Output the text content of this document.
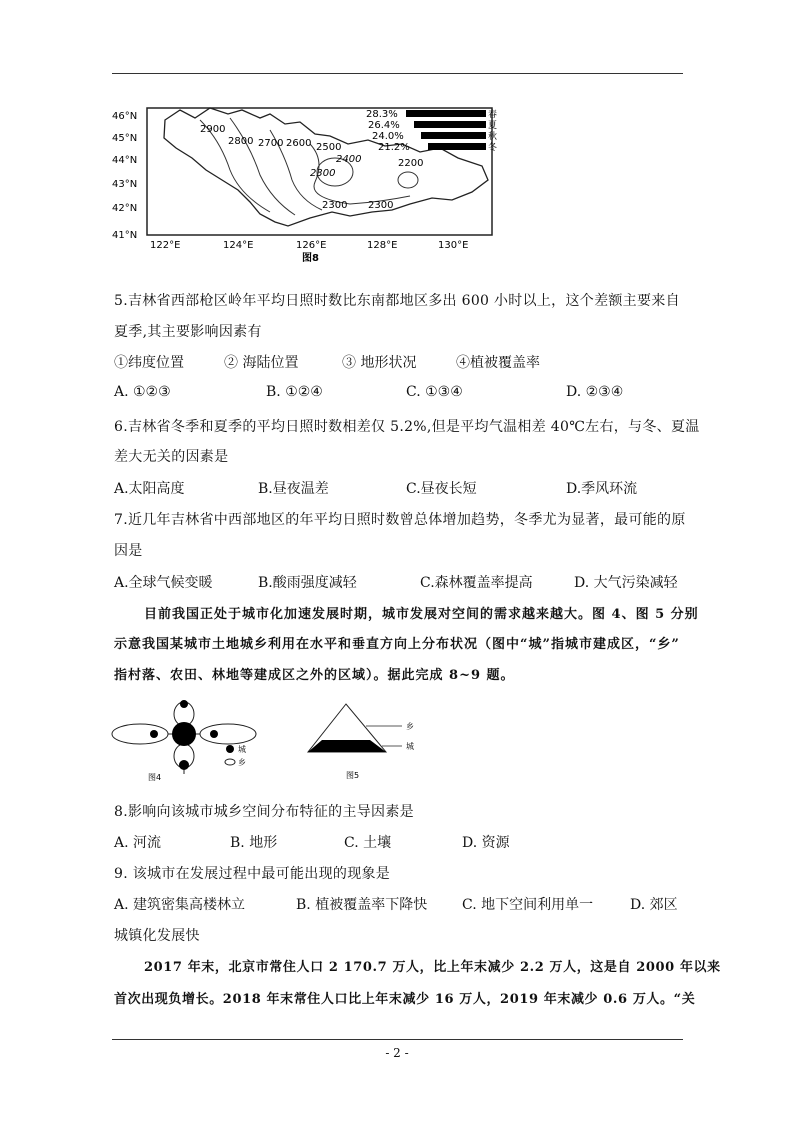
46°N
45°N
44°N
43°N
42°N
41°N
122°E	124°E	126°E	128°E	130°E
图8
2900
2800 2700 2600 2500
2400
2300
2200
2300 2300
28.3%
26.4%
24.0%
21.2%
春
夏
秋
冬
5.吉林省西部枪区岭年平均日照时数比东南都地区多出 600 小时以上，这个差额主要来自
夏季,其主要影响因素有
①纬度位置	② 海陆位置	③ 地形状况	④植被覆盖率
A. ①②③	B. ①②④	C. ①③④	D. ②③④
6.吉林省冬季和夏季的平均日照时数相差仅 5.2%,但是平均气温相差 40℃左右，与冬、夏温
差大无关的因素是
A.太阳高度	B.昼夜温差	C.昼夜长短	D.季风环流
7.近几年吉林省中西部地区的年平均日照时数曾总体增加趋势，冬季尤为显著，最可能的原
因是
A.全球气候变暖	B.酸雨强度减轻	C.森林覆盖率提高	D. 大气污染减轻
目前我国正处于城市化加速发展时期，城市发展对空间的需求越来越大。图 4、图 5 分别
示意我国某城市土地城乡利用在水平和垂直方向上分布状况（图中“城”指城市建成区，“乡”
指村落、农田、林地等建成区之外的区域）。据此完成 8~9 题。
城
乡
图4
乡
城
图5
8.影响向该城市城乡空间分布特征的主导因素是
A. 河流	B. 地形	C. 土壤	D. 资源
9. 该城市在发展过程中最可能出现的现象是
A. 建筑密集高楼林立	B. 植被覆盖率下降快 C. 地下空间利用单一	D. 郊区
城镇化发展快
2017 年末，北京市常住人口 2 170.7 万人，比上年末减少 2.2 万人，这是自 2000 年以来
首次出现负增长。2018 年末常住人口比上年末减少 16 万人，2019 年末减少 0.6 万人。“关
- 2 -
